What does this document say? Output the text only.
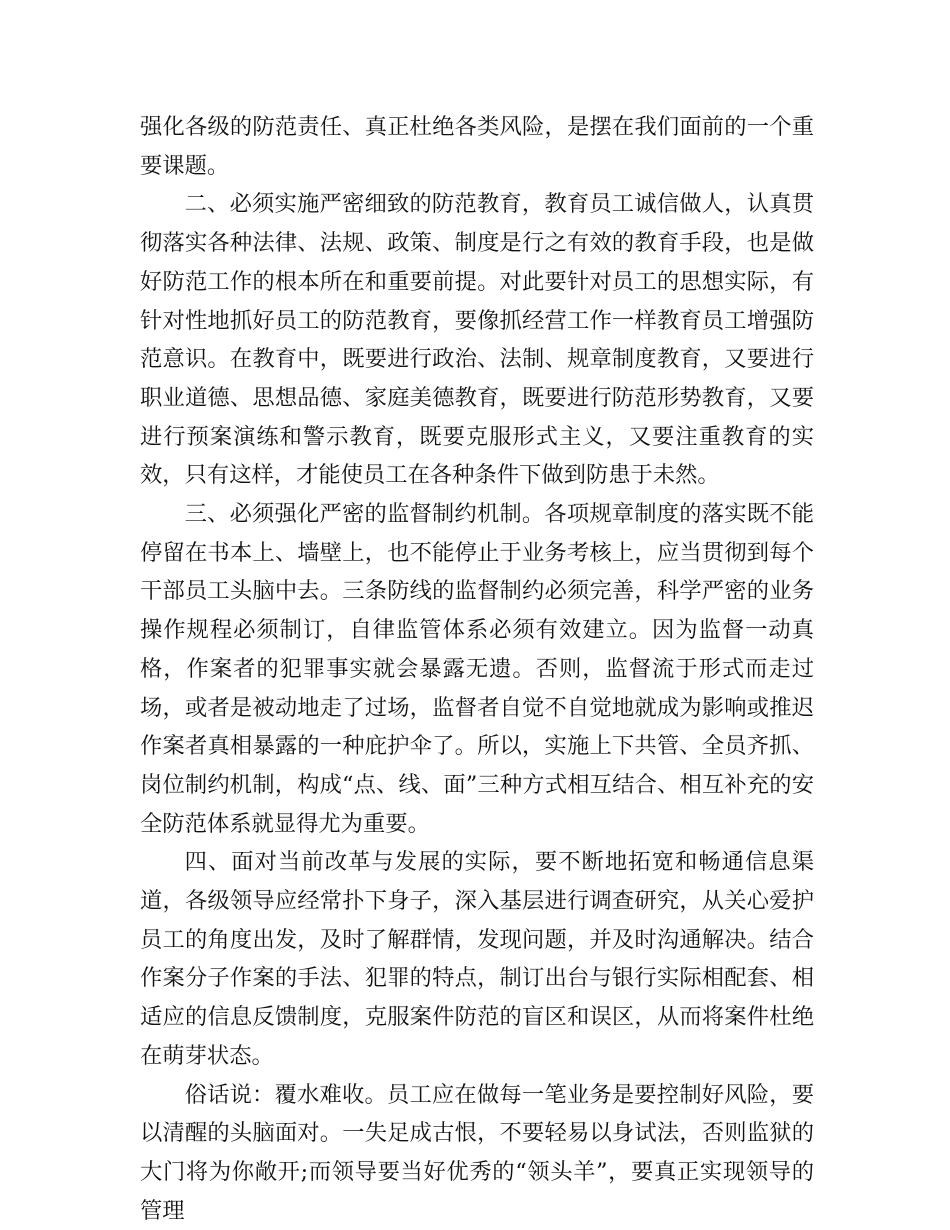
强化各级的防范责任、真正杜绝各类风险，是摆在我们面前的一个重要课题。

二、必须实施严密细致的防范教育，教育员工诚信做人，认真贯彻落实各种法律、法规、政策、制度是行之有效的教育手段，也是做好防范工作的根本所在和重要前提。对此要针对员工的思想实际，有针对性地抓好员工的防范教育，要像抓经营工作一样教育员工增强防范意识。在教育中，既要进行政治、法制、规章制度教育，又要进行职业道德、思想品德、家庭美德教育，既要进行防范形势教育，又要进行预案演练和警示教育，既要克服形式主义，又要注重教育的实效，只有这样，才能使员工在各种条件下做到防患于未然。

三、必须强化严密的监督制约机制。各项规章制度的落实既不能停留在书本上、墙壁上，也不能停止于业务考核上，应当贯彻到每个干部员工头脑中去。三条防线的监督制约必须完善，科学严密的业务操作规程必须制订，自律监管体系必须有效建立。因为监督一动真格，作案者的犯罪事实就会暴露无遗。否则，监督流于形式而走过场，或者是被动地走了过场，监督者自觉不自觉地就成为影响或推迟作案者真相暴露的一种庇护伞了。所以，实施上下共管、全员齐抓、岗位制约机制，构成“点、线、面”三种方式相互结合、相互补充的安全防范体系就显得尤为重要。

四、面对当前改革与发展的实际，要不断地拓宽和畅通信息渠道，各级领导应经常扑下身子，深入基层进行调查研究，从关心爱护员工的角度出发，及时了解群情，发现问题，并及时沟通解决。结合作案分子作案的手法、犯罪的特点，制订出台与银行实际相配套、相适应的信息反馈制度，克服案件防范的盲区和误区，从而将案件杜绝在萌芽状态。

俗话说：覆水难收。员工应在做每一笔业务是要控制好风险，要以清醒的头脑面对。一失足成古恨，不要轻易以身试法，否则监狱的大门将为你敞开;而领导要当好优秀的“领头羊”，要真正实现领导的管理
